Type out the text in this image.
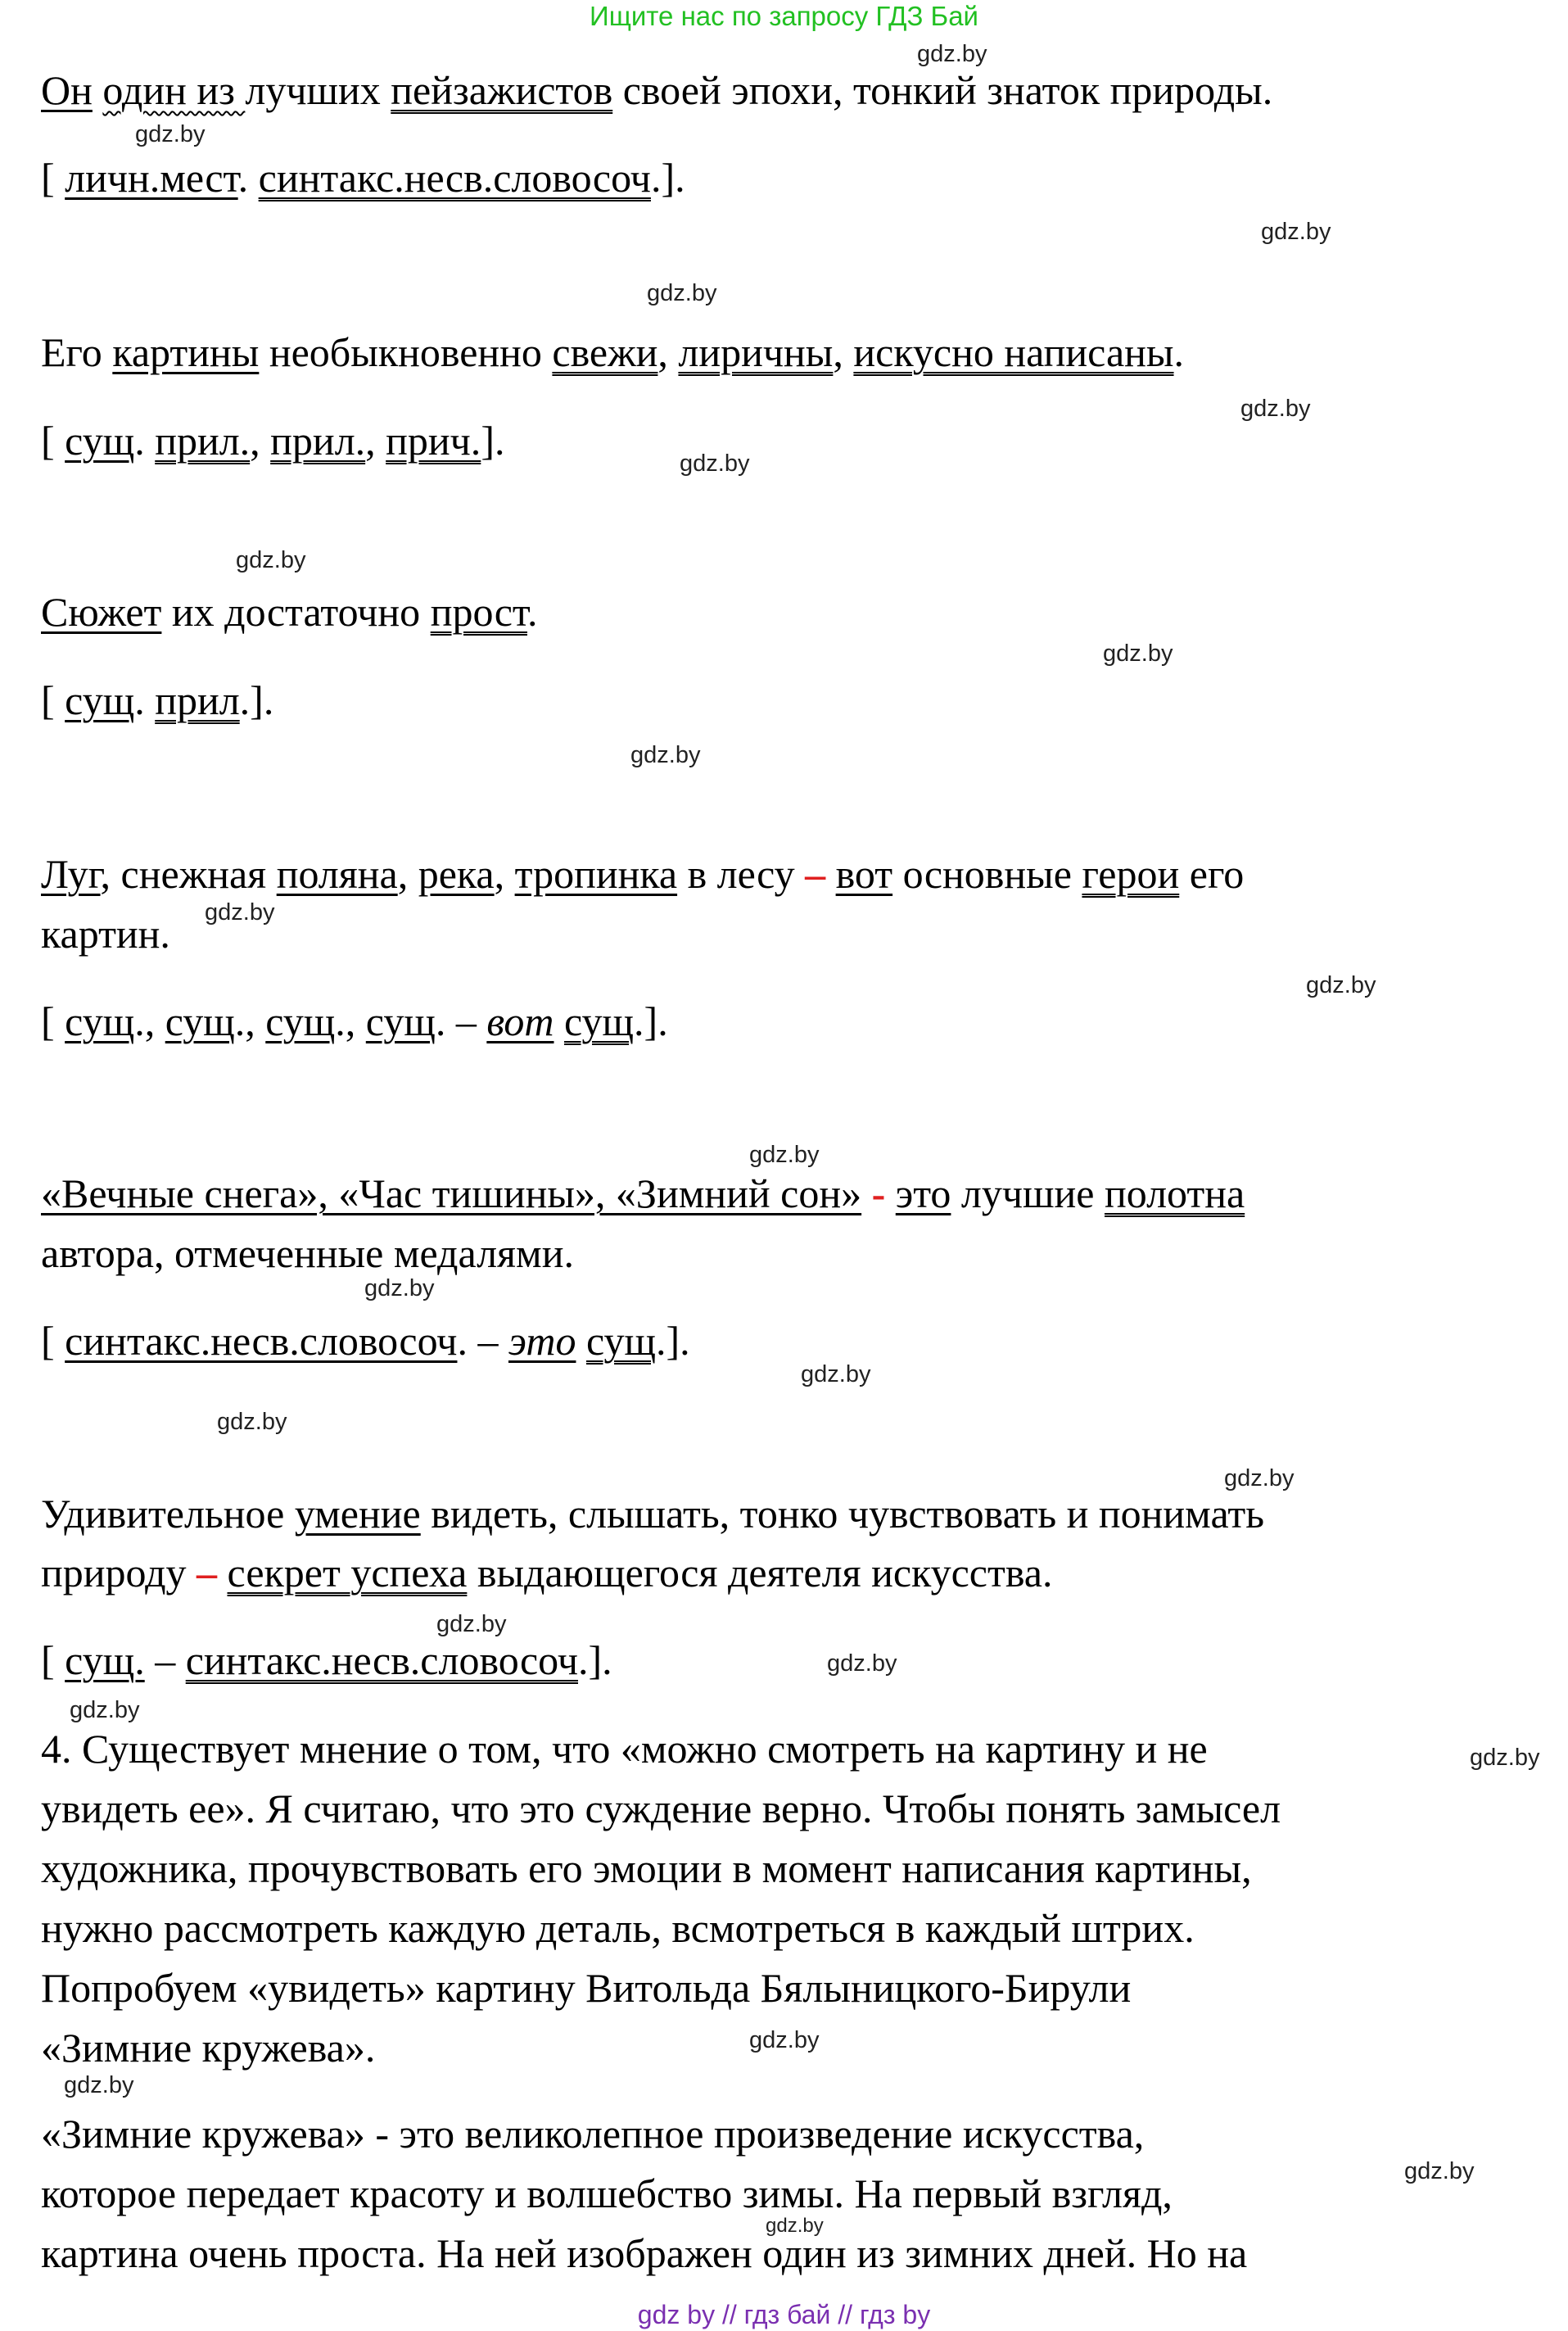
Ищите нас по запросу ГДЗ Бай
gdz by // гдз бай // гдз by
Он один из лучших пейзажистов своей эпохи, тонкий знаток природы.
[ личн.мест. синтакс.несв.словосоч.].
Его картины необыкновенно свежи, лиричны, искусно написаны.
[ сущ. прил., прил., прич.].
Сюжет их достаточно прост.
[ сущ. прил.].
Луг, снежная поляна, река, тропинка в лесу – вот основные герои его
картин.
[ сущ., сущ., сущ., сущ. – вот сущ.].
«Вечные снега», «Час тишины», «Зимний сон» - это лучшие полотна
автора, отмеченные медалями.
[ синтакс.несв.словосоч. – это сущ.].
Удивительное умение видеть, слышать, тонко чувствовать и понимать
природу – секрет успеха выдающегося деятеля искусства.
[ сущ. – синтакс.несв.словосоч.].
4. Существует мнение о том, что «можно смотреть на картину и не
увидеть ее». Я считаю, что это суждение верно. Чтобы понять замысел
художника, прочувствовать его эмоции в момент написания картины,
нужно рассмотреть каждую деталь, всмотреться в каждый штрих.
Попробуем «увидеть» картину Витольда Бялыницкого-Бирули
«Зимние кружева».
«Зимние кружева» - это великолепное произведение искусства,
которое передает красоту и волшебство зимы. На первый взгляд,
картина очень проста. На ней изображен один из зимних дней. Но на
gdz.by
gdz.by
gdz.by
gdz.by
gdz.by
gdz.by
gdz.by
gdz.by
gdz.by
gdz.by
gdz.by
gdz.by
gdz.by
gdz.by
gdz.by
gdz.by
gdz.by
gdz.by
gdz.by
gdz.by
gdz.by
gdz.by
gdz.by
gdz.by
